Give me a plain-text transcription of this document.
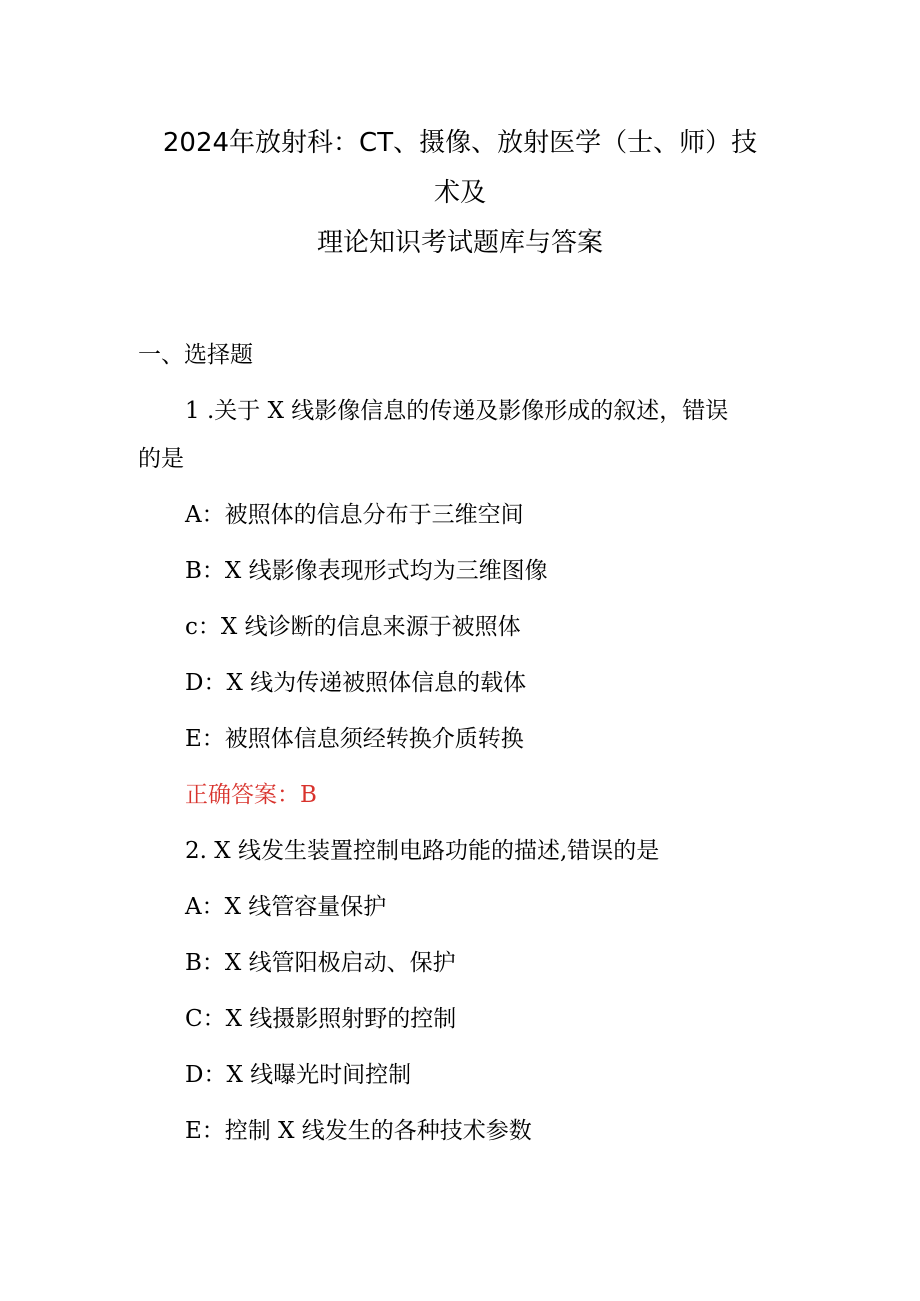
2024年放射科：CT、摄像、放射医学（士、师）技
术及
理论知识考试题库与答案
一、选择题
1 .关于 X 线影像信息的传递及影像形成的叙述，错误
的是
A：被照体的信息分布于三维空间
B：X 线影像表现形式均为三维图像
c：X 线诊断的信息来源于被照体
D：X 线为传递被照体信息的载体
E：被照体信息须经转换介质转换
正确答案：B
2. X 线发生装置控制电路功能的描述,错误的是
A：X 线管容量保护
B：X 线管阳极启动、保护
C：X 线摄影照射野的控制
D：X 线曝光时间控制
E：控制 X 线发生的各种技术参数
